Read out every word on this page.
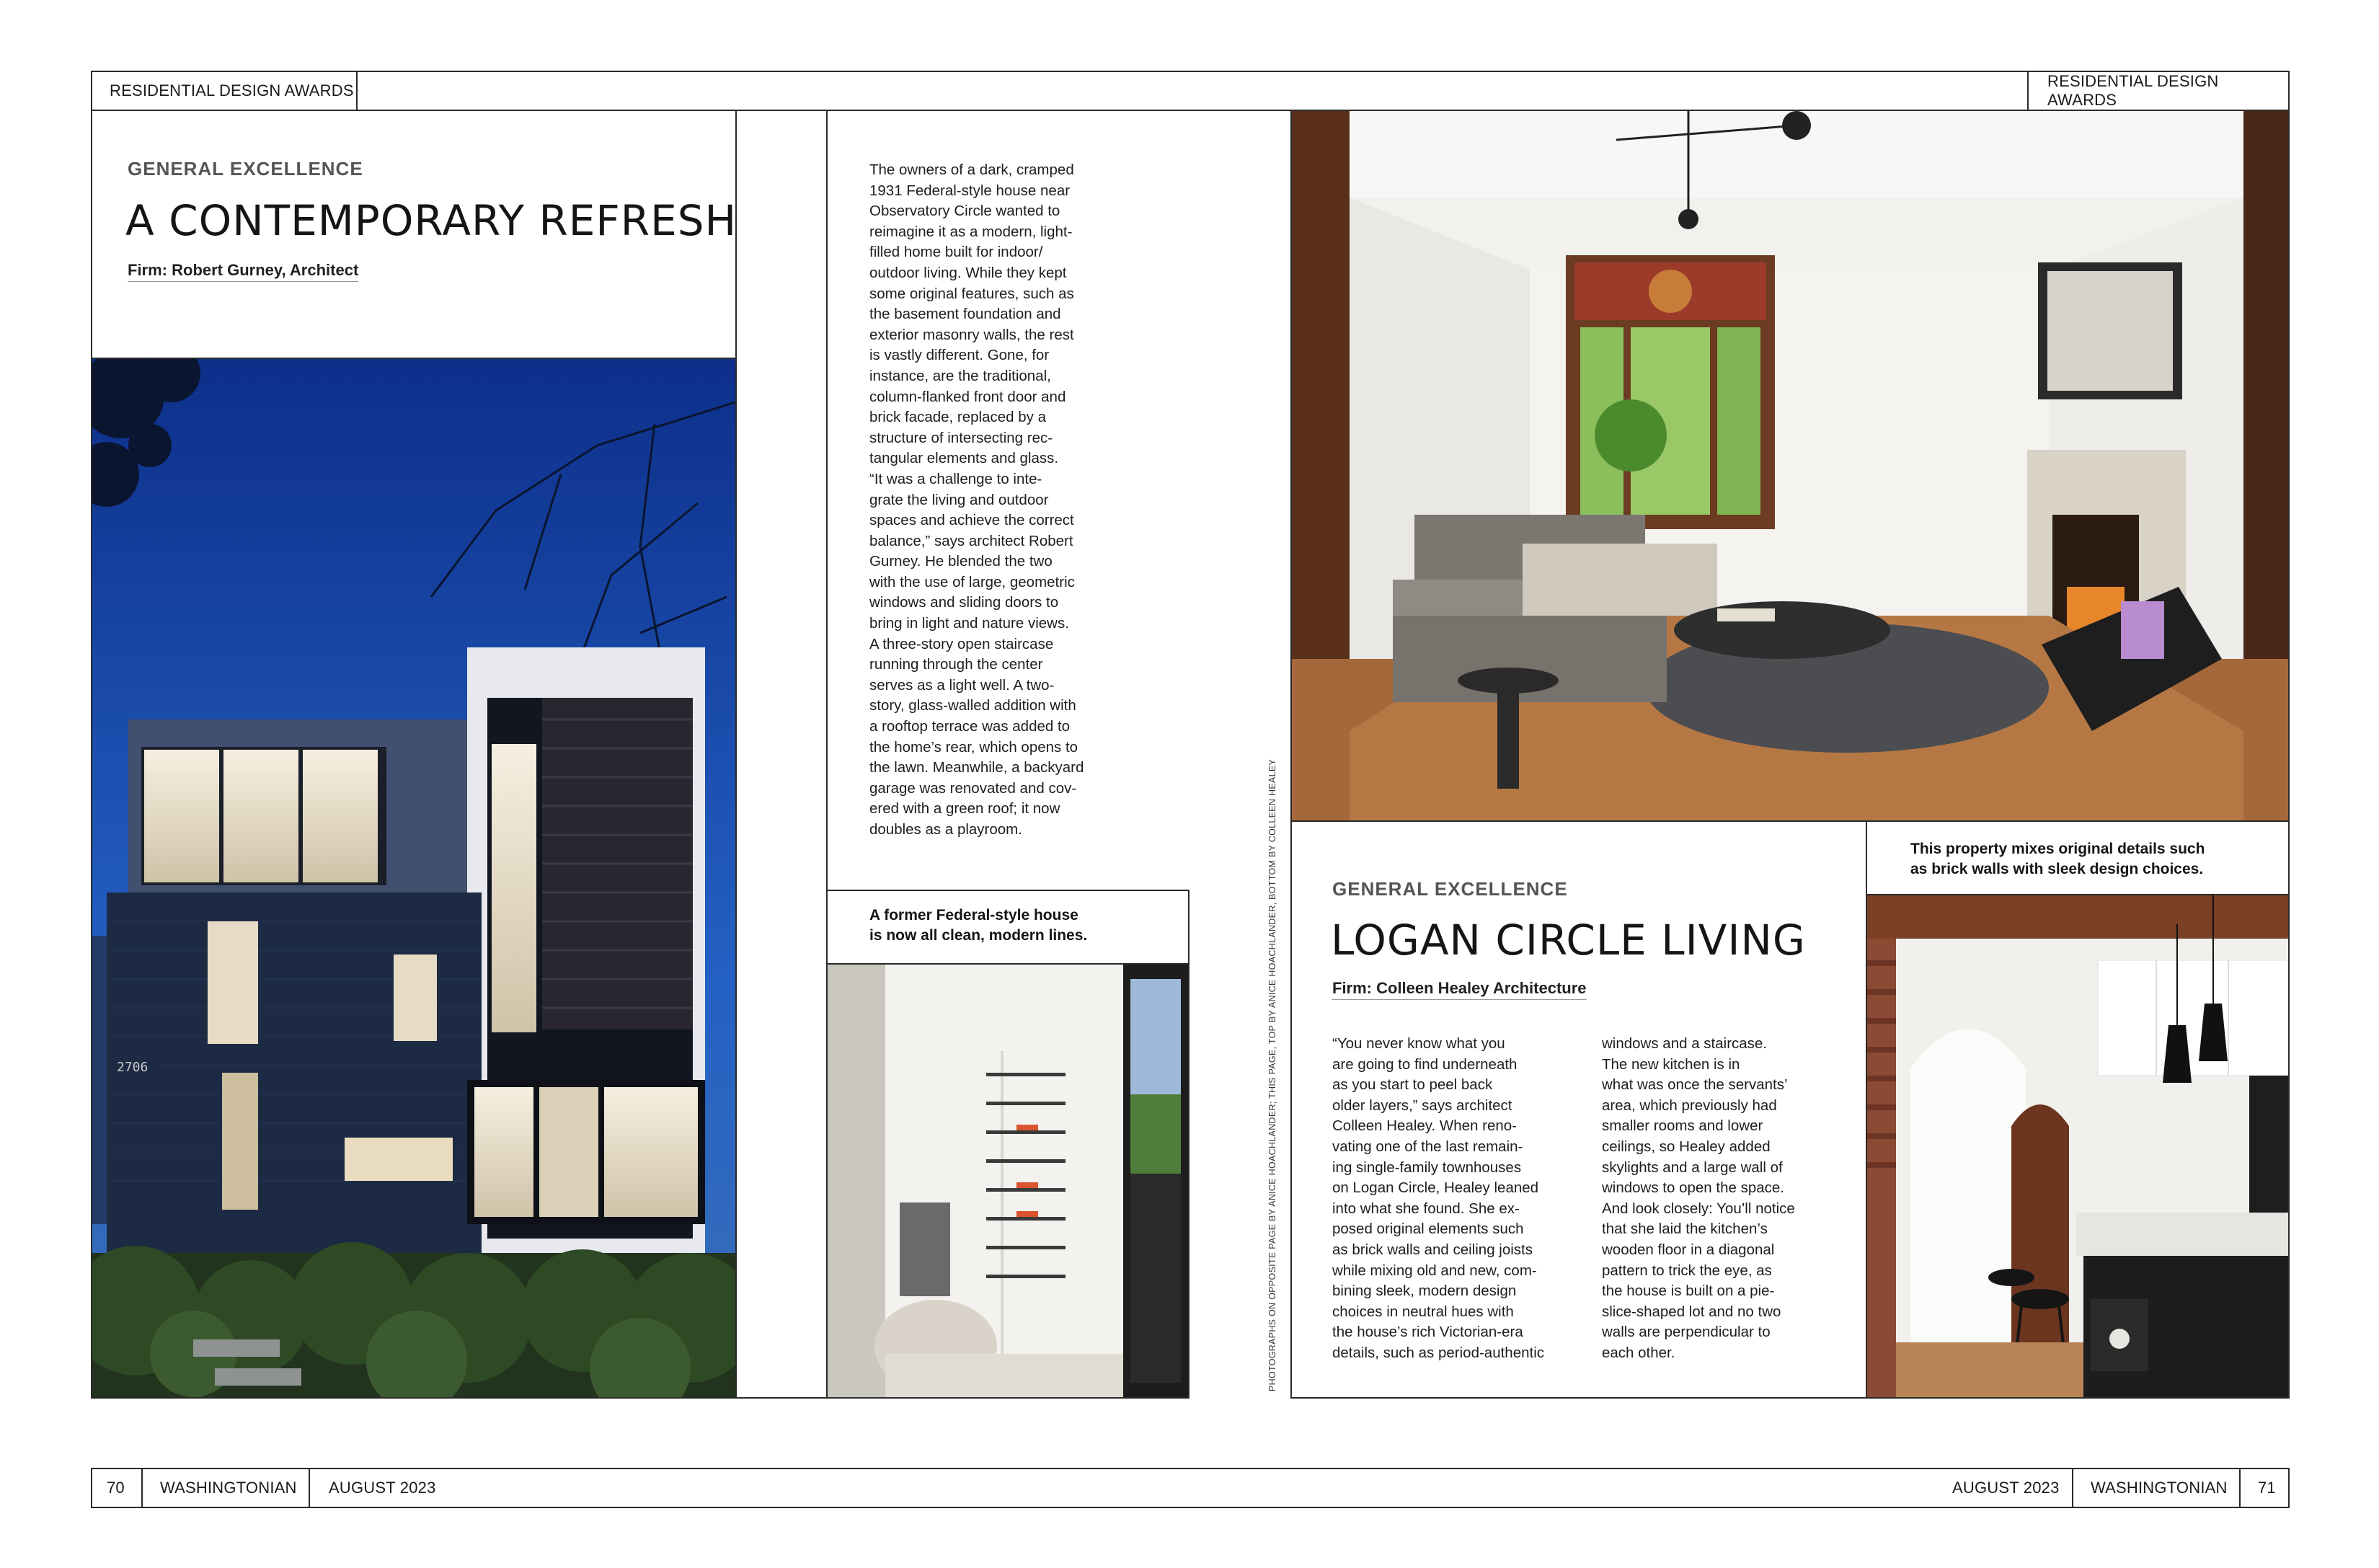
RESIDENTIAL DESIGN AWARDS
RESIDENTIAL DESIGN AWARDS
GENERAL EXCELLENCE
A CONTEMPORARY REFRESH
Firm: Robert Gurney, Architect
2706
The owners of a dark, cramped
1931 Federal-style house near
Observatory Circle wanted to
reimagine it as a modern, light-
filled home built for indoor/
outdoor living. While they kept
some original features, such as
the basement foundation and
exterior masonry walls, the rest
is vastly different. Gone, for
instance, are the traditional,
column-flanked front door and
brick facade, replaced by a
structure of intersecting rec-
tangular elements and glass.
“It was a challenge to inte-
grate the living and outdoor
spaces and achieve the correct
balance,” says architect Robert
Gurney. He blended the two
with the use of large, geometric
windows and sliding doors to
bring in light and nature views.
A three-story open staircase
running through the center
serves as a light well. A two-
story, glass-walled addition with
a rooftop terrace was added to
the home’s rear, which opens to
the lawn. Meanwhile, a backyard
garage was renovated and cov-
ered with a green roof; it now
doubles as a playroom.
A former Federal-style house
is now all clean, modern lines.	PHOTOGRAPHS ON OPPOSITE PAGE BY ANICE HOACHLANDER; THIS PAGE, TOP BY ANICE HOACHLANDER, BOTTOM BY COLLEEN HEALEY	GENERAL EXCELLENCE
LOGAN CIRCLE LIVING
Firm: Colleen Healey Architecture
“You never know what you
are going to find underneath
as you start to peel back
older layers,” says architect
Colleen Healey. When reno-
vating one of the last remain-
ing single-family townhouses
on Logan Circle, Healey leaned
into what she found. She ex-
posed original elements such
as brick walls and ceiling joists
while mixing old and new, com-
bining sleek, modern design
choices in neutral hues with
the house’s rich Victorian-era
details, such as period-authentic
windows and a staircase.
The new kitchen is in
what was once the servants’
area, which previously had
smaller rooms and lower
ceilings, so Healey added
skylights and a large wall of
windows to open the space.
And look closely: You’ll notice
that she laid the kitchen’s
wooden floor in a diagonal
pattern to trick the eye, as
the house is built on a pie-
slice-shaped lot and no two
walls are perpendicular to
each other.
This property mixes original details such
as brick walls with sleek design choices.
70 WASHINGTONIAN AUGUST 2023	AUGUST 2023 WASHINGTONIAN 71
